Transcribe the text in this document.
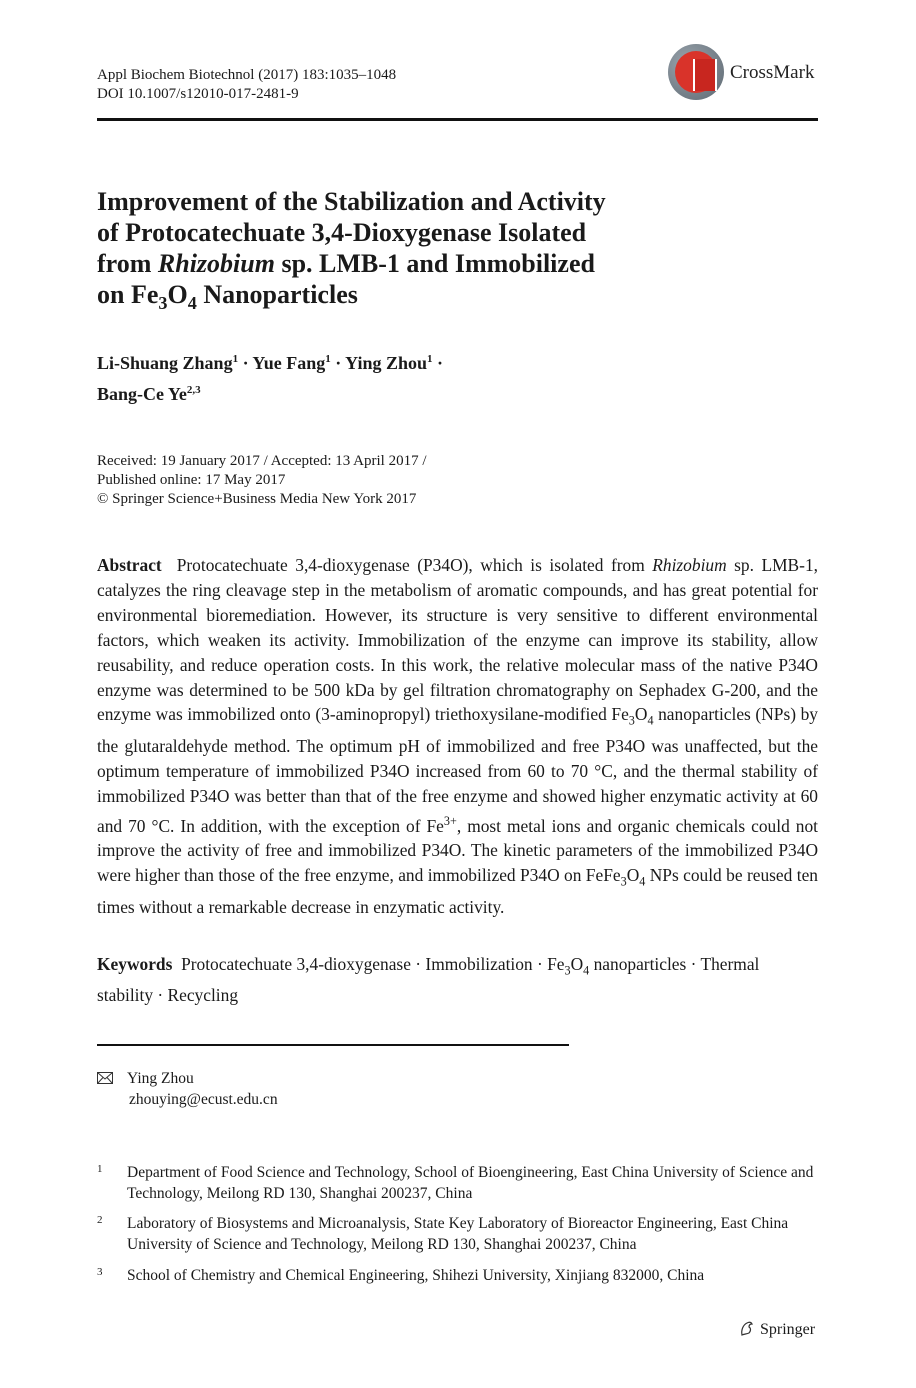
Appl Biochem Biotechnol (2017) 183:1035–1048
DOI 10.1007/s12010-017-2481-9
CrossMark
Improvement of the Stabilization and Activity
of Protocatechuate 3,4-Dioxygenase Isolated
from Rhizobium sp. LMB-1 and Immobilized
on $Fe_3O_4$ Nanoparticles
Li-Shuang Zhang$^1$ · Yue Fang$^1$ · Ying Zhou$^1$ ·
Bang-Ce Ye$^{2,3}$
Received: 19 January 2017 / Accepted: 13 April 2017 /
Published online: 17 May 2017
© Springer Science+Business Media New York 2017
Abstract Protocatechuate 3,4-dioxygenase (P34O), which is isolated from Rhizobium sp. LMB-1, catalyzes the ring cleavage step in the metabolism of aromatic compounds, and has great potential for environmental bioremediation. However, its structure is very sensitive to different environmental factors, which weaken its activity. Immobilization of the enzyme can improve its stability, allow reusability, and reduce operation costs. In this work, the relative molecular mass of the native P34O enzyme was determined to be 500 kDa by gel filtration chromatography on Sephadex G-200, and the enzyme was immobilized onto (3-aminopropyl) triethoxysilane-modified $Fe_3O_4$ nanoparticles (NPs) by the glutaraldehyde method. The optimum pH of immobilized and free P34O was unaffected, but the optimum temperature of immobilized P34O increased from 60 to 70 °C, and the thermal stability of immobilized P34O was better than that of the free enzyme and showed higher enzymatic activity at 60 and 70 °C. In addition, with the exception of $Fe^{3+}$, most metal ions and organic chemicals could not improve the activity of free and immobilized P34O. The kinetic parameters of the immobilized P34O were higher than those of the free enzyme, and immobilized P34O on $FeFe_3O_4$ NPs could be reused ten times without a remarkable decrease in enzymatic activity.
Keywords Protocatechuate 3,4-dioxygenase · Immobilization · $Fe_3O_4$ nanoparticles · Thermal stability · Recycling
Ying Zhou
zhouying@ecust.edu.cn
1 Department of Food Science and Technology, School of Bioengineering, East China University of Science and Technology, Meilong RD 130, Shanghai 200237, China
2 Laboratory of Biosystems and Microanalysis, State Key Laboratory of Bioreactor Engineering, East China University of Science and Technology, Meilong RD 130, Shanghai 200237, China
3 School of Chemistry and Chemical Engineering, Shihezi University, Xinjiang 832000, China
Springer
